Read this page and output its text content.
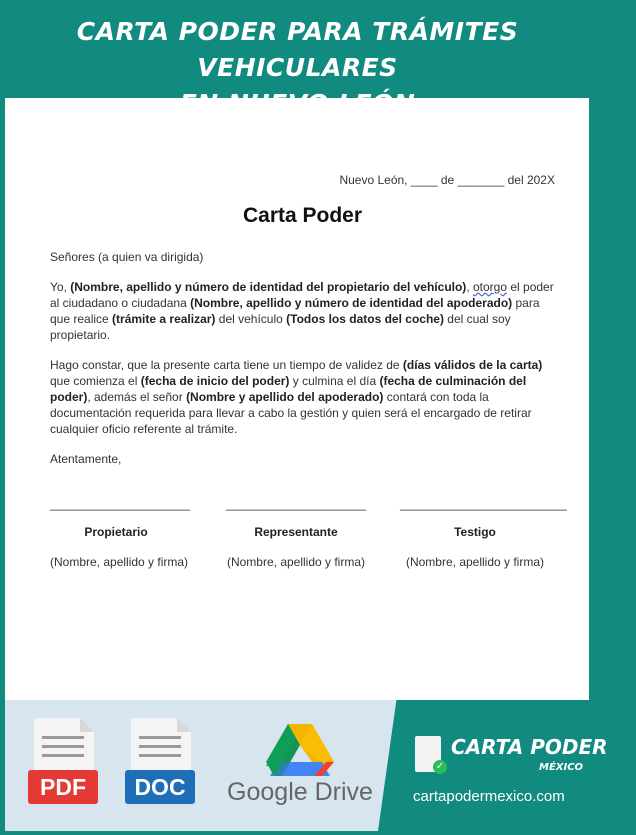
CARTA PODER PARA TRÁMITES VEHICULARES
Nuevo León, ____ de _______ del 202X
Carta Poder
Señores (a quien va dirigida)
Yo, (Nombre, apellido y número de identidad del propietario del vehículo), otorgo el poder al ciudadano o ciudadana (Nombre, apellido y número de identidad del apoderado) para que realice (trámite a realizar) del vehículo (Todos los datos del coche) del cual soy propietario.
Hago constar, que la presente carta tiene un tiempo de validez de (días válidos de la carta) que comienza el (fecha de inicio del poder) y culmina el día (fecha de culminación del poder), además el señor (Nombre y apellido del apoderado) contará con toda la documentación requerida para llevar a cabo la gestión y quien será el encargado de retirar cualquier oficio referente al trámite.
Atentamente,
_____________________
Propietario
(Nombre, apellido y firma)
_____________________
Representante
(Nombre, apellido y firma)
_________________________
Testigo
(Nombre, apellido y firma)
PDF	DOC	Google Drive
✓
CARTA PODER
MÉXICO
cartapodermexico.com
